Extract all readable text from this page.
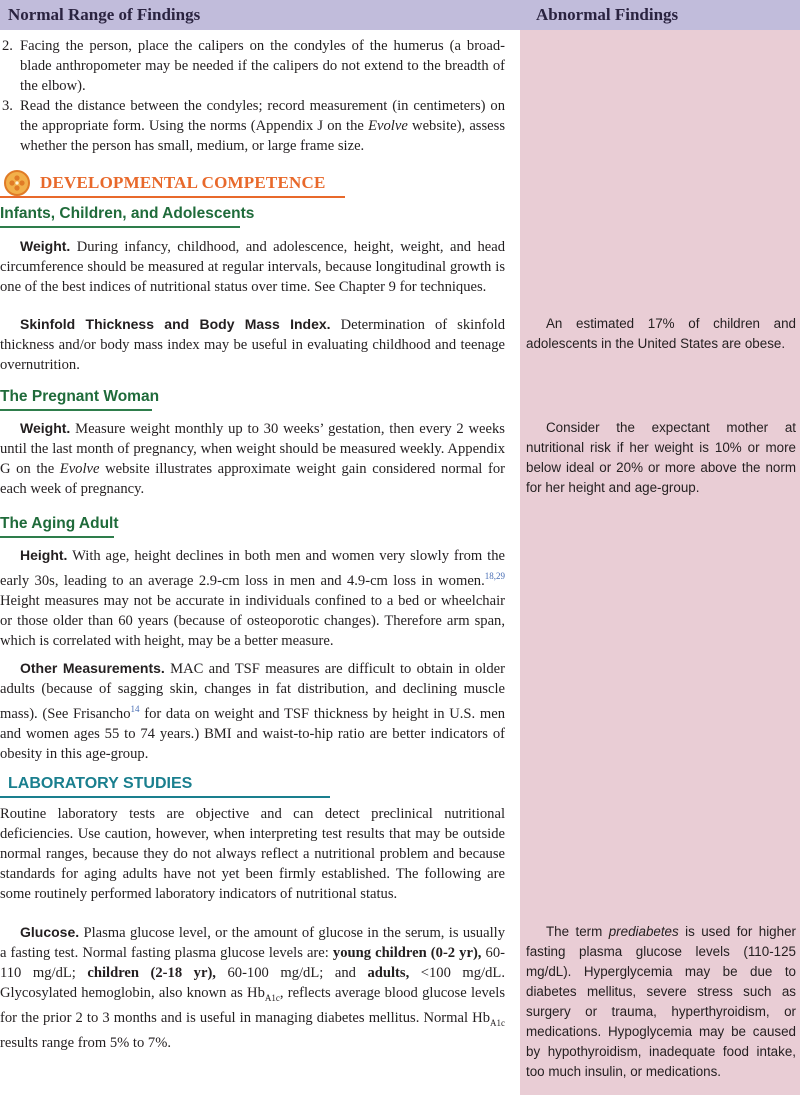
Normal Range of Findings	Abnormal Findings
2. Facing the person, place the calipers on the condyles of the humerus (a broad-blade anthropometer may be needed if the calipers do not extend to the breadth of the elbow).
3. Read the distance between the condyles; record measurement (in centimeters) on the appropriate form. Using the norms (Appendix J on the Evolve website), assess whether the person has small, medium, or large frame size.
DEVELOPMENTAL COMPETENCE
Infants, Children, and Adolescents

Weight. During infancy, childhood, and adolescence, height, weight, and head circumference should be measured at regular intervals, because longitudinal growth is one of the best indices of nutritional status over time. See Chapter 9 for techniques.

Skinfold Thickness and Body Mass Index. Determination of skinfold thickness and/or body mass index may be useful in evaluating childhood and teenage overnutrition.

An estimated 17% of children and adolescents in the United States are obese.
The Pregnant Woman

Weight. Measure weight monthly up to 30 weeks’ gestation, then every 2 weeks until the last month of pregnancy, when weight should be measured weekly. Appendix G on the Evolve website illustrates approximate weight gain considered normal for each week of pregnancy.

Consider the expectant mother at nutritional risk if her weight is 10% or more below ideal or 20% or more above the norm for her height and age-group.
The Aging Adult

Height. With age, height declines in both men and women very slowly from the early 30s, leading to an average 2.9-cm loss in men and 4.9-cm loss in women.$^{18,29}$ Height measures may not be accurate in individuals confined to a bed or wheelchair or those older than 60 years (because of osteoporotic changes). Therefore arm span, which is correlated with height, may be a better measure.

Other Measurements. MAC and TSF measures are difficult to obtain in older adults (because of sagging skin, changes in fat distribution, and declining muscle mass). (See Frisancho$^{14}$ for data on weight and TSF thickness by height in U.S. men and women ages 55 to 74 years.) BMI and waist-to-hip ratio are better indicators of obesity in this age-group.

LABORATORY STUDIES

Routine laboratory tests are objective and can detect preclinical nutritional deficiencies. Use caution, however, when interpreting test results that may be outside normal ranges, because they do not always reflect a nutritional problem and because standards for aging adults have not yet been firmly established. The following are some routinely performed laboratory indicators of nutritional status.

Glucose. Plasma glucose level, or the amount of glucose in the serum, is usually a fasting test. Normal fasting plasma glucose levels are: young children (0-2 yr), 60-110 mg/dL; children (2-18 yr), 60-100 mg/dL; and adults, <100 mg/dL. Glycosylated hemoglobin, also known as $Hb_{A1c}$, reflects average blood glucose levels for the prior 2 to 3 months and is useful in managing diabetes mellitus. Normal $Hb_{A1c}$ results range from 5% to 7%.

The term prediabetes is used for higher fasting plasma glucose levels (110-125 mg/dL). Hyperglycemia may be due to diabetes mellitus, severe stress such as surgery or trauma, hyperthyroidism, or medications. Hypoglycemia may be caused by hypothyroidism, inadequate food intake, too much insulin, or medications.
